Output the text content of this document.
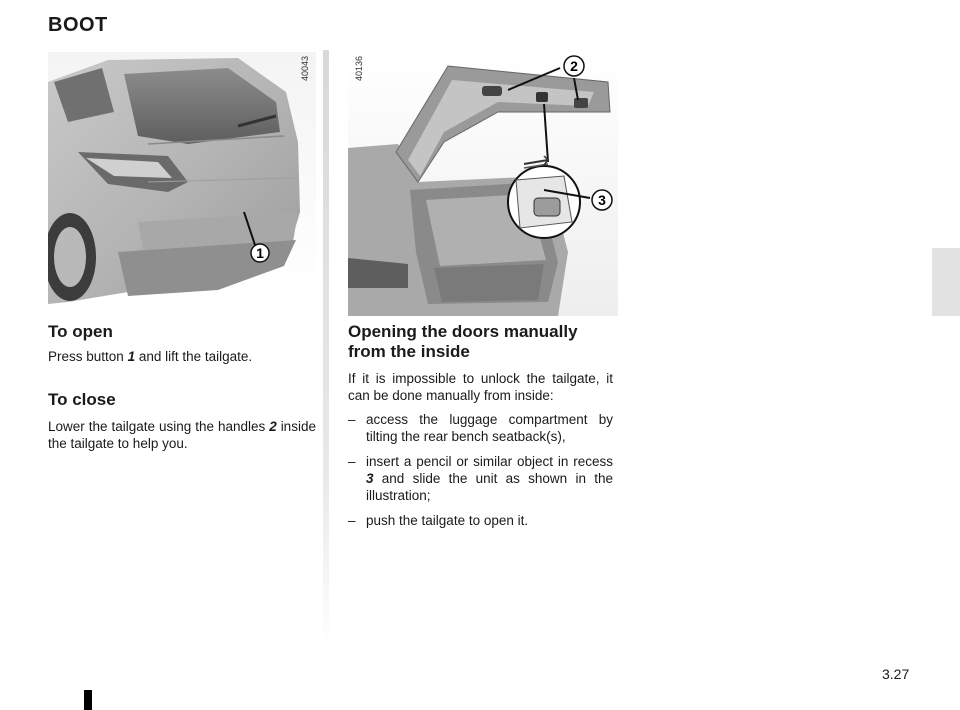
BOOT
1
40043	2
3
40136
To open

Press button 1 and lift the tailgate.

To close

Lower the tailgate using the handles 2 inside the tailgate to help you.

Opening the doors manually from the inside

If it is impossible to unlock the tailgate, it can be done manually from inside:

– access the luggage compartment by tilting the rear bench seatback(s),
– insert a pencil or similar object in recess 3 and slide the unit as shown in the illustration;
– push the tailgate to open it.
3.27
